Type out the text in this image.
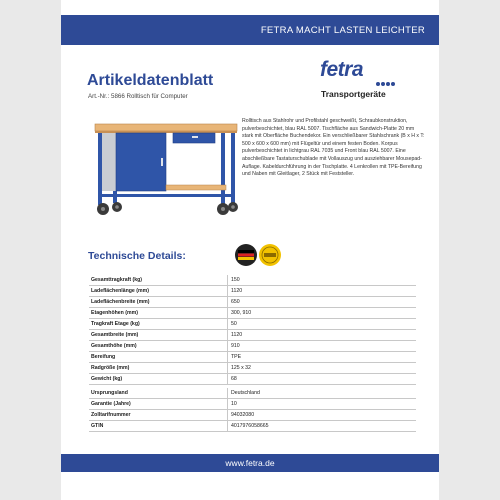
FETRA MACHT LASTEN LEICHTER
Artikeldatenblatt
Art.-Nr.: 5866 Rolltisch für Computer
fetra
Transportgeräte
Rolltisch aus Stahlrohr und Profilstahl geschweißt, Schraubkonstruktion, pulverbeschichtet, blau RAL 5007. Tischfläche aus Sandwich-Platte 20 mm stark mit Oberfläche Buchendekor. Ein verschließbarer Stahlschrank (B x H x T: 500 x 600 x 600 mm) mit Flügeltür und einem festen Boden. Korpus pulverbeschichtet in lichtgrau RAL 7035 und Front blau RAL 5007. Eine abschließbare Tastaturschublade mit Vollauszug und ausziehbarer Mousepad-Auflage. Kabeldurchführung in der Tischplatte. 4 Lenkrollen mit TPE-Bereifung und Naben mit Gleitlager, 2 Stück mit Feststeller.
Technische Details:
Gesamttragkraft (kg)	150
Ladeflächenlänge (mm)	1120
Ladeflächenbreite (mm)	650
Etagenhöhen (mm)	300, 910
Tragkraft Etage (kg)	50
Gesamtbreite (mm)	1120
Gesamthöhe (mm)	910
Bereifung	TPE
Radgröße (mm)	125 x 32
Gewicht (kg)	68
Ursprungsland	Deutschland
Garantie (Jahre)	10
Zolltarifnummer	94032080
GTIN	4017976058665
www.fetra.de
